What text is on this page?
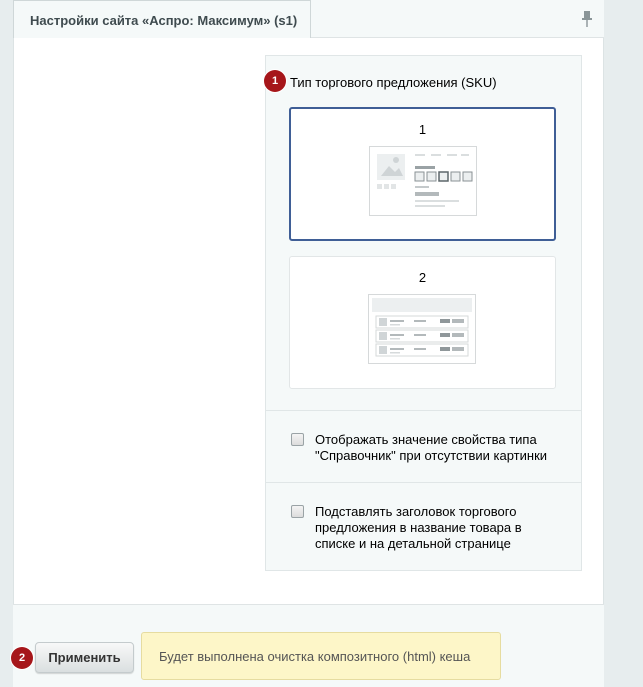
Настройки сайта «Аспро: Максимум» (s1)
1 Тип торгового предложения (SKU)
1
2
Отображать значение свойства типа "Справочник" при отсутствии картинки
Подставлять заголовок торгового предложения в название товара в списке и на детальной странице
2	Применить	Будет выполнена очистка композитного (html) кеша
